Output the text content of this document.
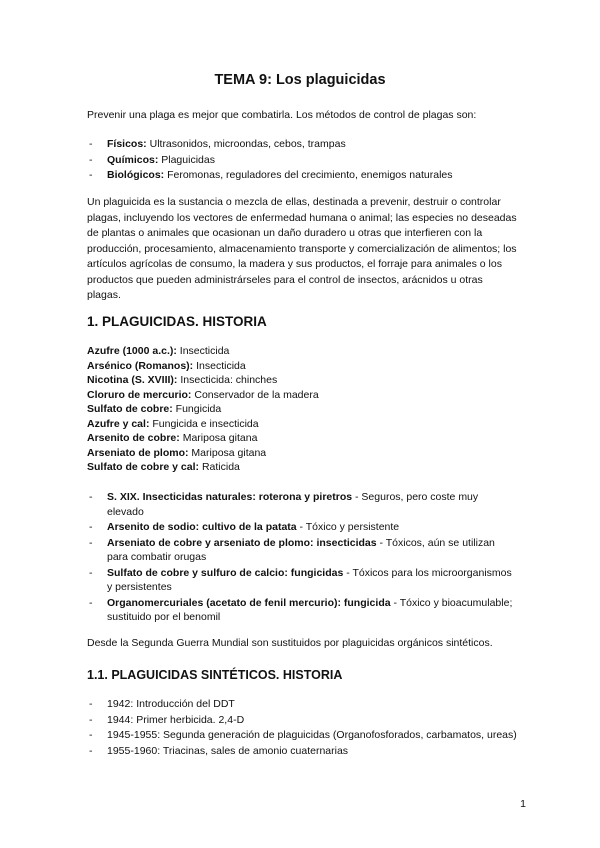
TEMA 9: Los plaguicidas

Prevenir una plaga es mejor que combatirla. Los métodos de control de plagas son:

- Físicos: Ultrasonidos, microondas, cebos, trampas
- Químicos: Plaguicidas
- Biológicos: Feromonas, reguladores del crecimiento, enemigos naturales

Un plaguicida es la sustancia o mezcla de ellas, destinada a prevenir, destruir o controlar plagas, incluyendo los vectores de enfermedad humana o animal; las especies no deseadas de plantas o animales que ocasionan un daño duradero u otras que interfieren con la producción, procesamiento, almacenamiento transporte y comercialización de alimentos; los artículos agrícolas de consumo, la madera y sus productos, el forraje para animales o los productos que pueden administrárseles para el control de insectos, arácnidos u otras plagas.

1. PLAGUICIDAS. HISTORIA
Azufre (1000 a.c.): Insecticida
Arsénico (Romanos): Insecticida
Nicotina (S. XVIII): Insecticida: chinches
Cloruro de mercurio: Conservador de la madera
Sulfato de cobre: Fungicida
Azufre y cal: Fungicida e insecticida
Arsenito de cobre: Mariposa gitana
Arseniato de plomo: Mariposa gitana
Sulfato de cobre y cal: Raticida
- S. XIX. Insecticidas naturales: roterona y piretros - Seguros, pero coste muy elevado
- Arsenito de sodio: cultivo de la patata - Tóxico y persistente
- Arseniato de cobre y arseniato de plomo: insecticidas - Tóxicos, aún se utilizan para combatir orugas
- Sulfato de cobre y sulfuro de calcio: fungicidas - Tóxicos para los microorganismos y persistentes
- Organomercuriales (acetato de fenil mercurio): fungicida - Tóxico y bioacumulable; sustituido por el benomil

Desde la Segunda Guerra Mundial son sustituidos por plaguicidas orgánicos sintéticos.

1.1. PLAGUICIDAS SINTÉTICOS. HISTORIA
- 1942: Introducción del DDT
- 1944: Primer herbicida. 2,4-D
- 1945-1955: Segunda generación de plaguicidas (Organofosforados, carbamatos, ureas)
- 1955-1960: Triacinas, sales de amonio cuaternarias
1
